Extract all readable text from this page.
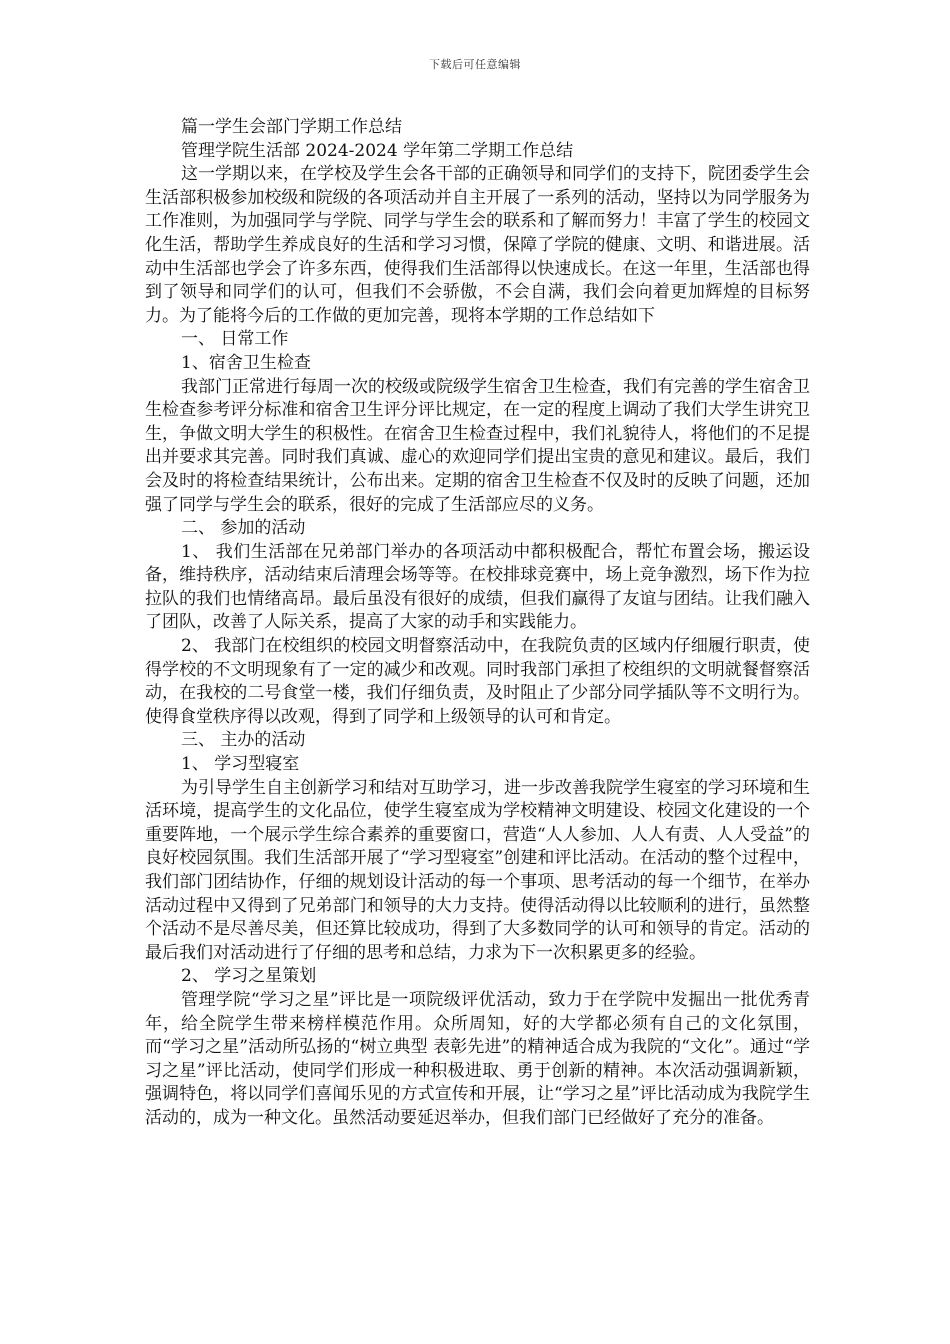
下载后可任意编辑

篇一学生会部门学期工作总结

管理学院生活部 2024-2024 学年第二学期工作总结

这一学期以来，在学校及学生会各干部的正确领导和同学们的支持下，院团委学生会生活部积极参加校级和院级的各项活动并自主开展了一系列的活动，坚持以为同学服务为工作准则，为加强同学与学院、同学与学生会的联系和了解而努力！丰富了学生的校园文化生活，帮助学生养成良好的生活和学习习惯，保障了学院的健康、文明、和谐进展。活动中生活部也学会了许多东西，使得我们生活部得以快速成长。在这一年里，生活部也得到了领导和同学们的认可，但我们不会骄傲，不会自满，我们会向着更加辉煌的目标努力。为了能将今后的工作做的更加完善，现将本学期的工作总结如下

一、 日常工作

1、宿舍卫生检查

我部门正常进行每周一次的校级或院级学生宿舍卫生检查，我们有完善的学生宿舍卫生检查参考评分标准和宿舍卫生评分评比规定，在一定的程度上调动了我们大学生讲究卫生，争做文明大学生的积极性。在宿舍卫生检查过程中，我们礼貌待人，将他们的不足提出并要求其完善。同时我们真诚、虚心的欢迎同学们提出宝贵的意见和建议。最后，我们会及时的将检查结果统计，公布出来。定期的宿舍卫生检查不仅及时的反映了问题，还加强了同学与学生会的联系，很好的完成了生活部应尽的义务。

二、 参加的活动

1、 我们生活部在兄弟部门举办的各项活动中都积极配合，帮忙布置会场，搬运设备，维持秩序，活动结束后清理会场等等。在校排球竞赛中，场上竞争激烈，场下作为拉拉队的我们也情绪高昂。最后虽没有很好的成绩，但我们赢得了友谊与团结。让我们融入了团队，改善了人际关系，提高了大家的动手和实践能力。

2、 我部门在校组织的校园文明督察活动中，在我院负责的区域内仔细履行职责，使得学校的不文明现象有了一定的减少和改观。同时我部门承担了校组织的文明就餐督察活动，在我校的二号食堂一楼，我们仔细负责，及时阻止了少部分同学插队等不文明行为。使得食堂秩序得以改观，得到了同学和上级领导的认可和肯定。

三、 主办的活动

1、 学习型寝室

为引导学生自主创新学习和结对互助学习，进一步改善我院学生寝室的学习环境和生活环境，提高学生的文化品位，使学生寝室成为学校精神文明建设、校园文化建设的一个重要阵地，一个展示学生综合素养的重要窗口，营造“人人参加、人人有责、人人受益”的良好校园氛围。我们生活部开展了“学习型寝室”创建和评比活动。在活动的整个过程中，我们部门团结协作，仔细的规划设计活动的每一个事项、思考活动的每一个细节，在举办活动过程中又得到了兄弟部门和领导的大力支持。使得活动得以比较顺利的进行，虽然整个活动不是尽善尽美，但还算比较成功，得到了大多数同学的认可和领导的肯定。活动的最后我们对活动进行了仔细的思考和总结，力求为下一次积累更多的经验。

2、 学习之星策划

管理学院“学习之星”评比是一项院级评优活动，致力于在学院中发掘出一批优秀青年，给全院学生带来榜样模范作用。众所周知，好的大学都必须有自己的文化氛围，而“学习之星”活动所弘扬的“树立典型 表彰先进”的精神适合成为我院的“文化”。通过“学习之星”评比活动，使同学们形成一种积极进取、勇于创新的精神。本次活动强调新颖，强调特色，将以同学们喜闻乐见的方式宣传和开展，让“学习之星”评比活动成为我院学生活动的，成为一种文化。虽然活动要延迟举办，但我们部门已经做好了充分的准备。
